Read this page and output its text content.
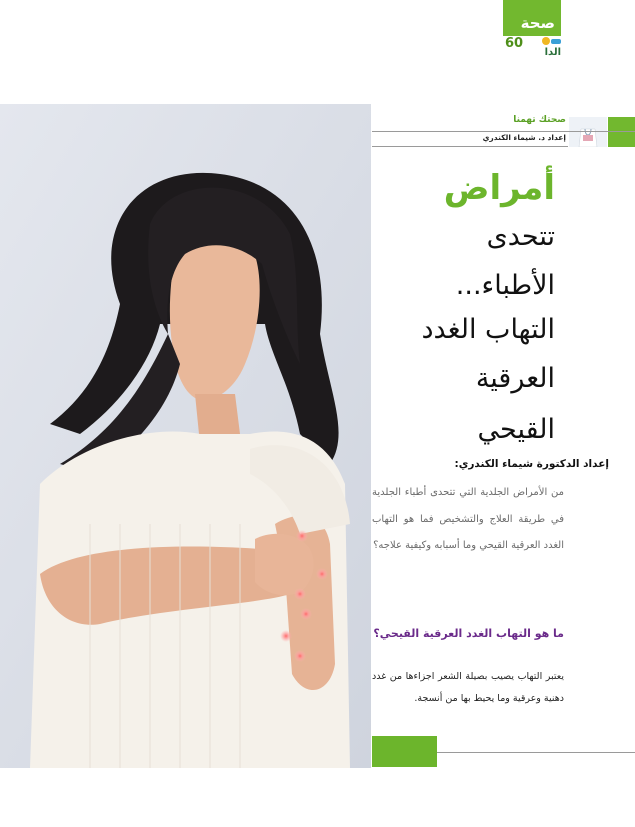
صحة
60
الدا
صحتك تهمنا
إعداد د. شيماء الكندري
أمراض
تتحدى
الأطباء...
التهاب الغدد
العرقية
القيحي
إعداد الدكتورة شيماء الكندري:
من الأمراض الجلدية التي تتحدى أطباء الجلدية في طريقة العلاج والتشخيص فما هو التهاب الغدد العرقية القيحي وما أسبابه وكيفية علاجه؟
ما هو التهاب الغدد العرقية القيحي؟
يعتبر التهاب يصيب بصيلة الشعر اجزاءها من غدد دهنية وعرقية وما يحيط بها من أنسجة.
